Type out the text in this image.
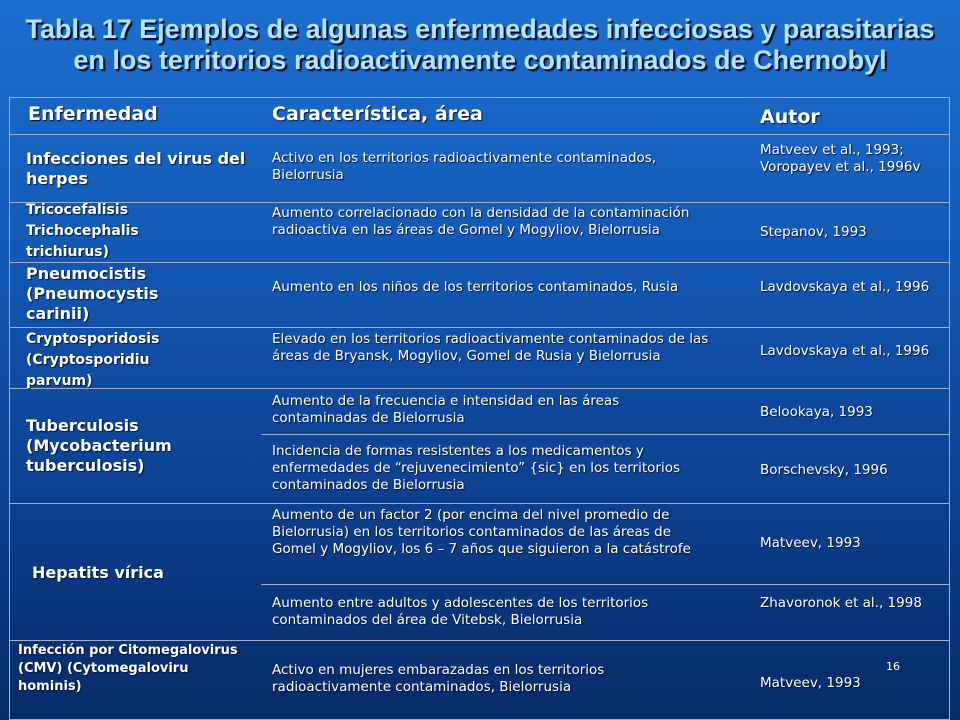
Tabla 17 Ejemplos de algunas enfermedades infecciosas y parasitarias
en los territorios radioactivamente contaminados de Chernobyl
Enfermedad	Característica, área	Autor
Infecciones del virus del herpes
Tricocefalisis Trichocephalis trichiurus)
Pneumocistis (Pneumocystis carinii)
Cryptosporidosis (Cryptosporidiu parvum)
Tuberculosis (Mycobacterium tuberculosis)
Hepatits vírica
Infección por Citomegalovirus (CMV) (Cytomegaloviru hominis)
Activo en los territorios radioactivamente contaminados, Bielorrusia
Aumento correlacionado con la densidad de la contaminación radioactiva en las áreas de Gomel y Mogyliov, Bielorrusia
Aumento en los niños de los territorios contaminados, Rusia
Elevado en los territorios radioactivamente contaminados de las áreas de Bryansk, Mogyliov, Gomel de Rusia y Bielorrusia
Aumento de la frecuencia e intensidad en las áreas contaminadas de Bielorrusia
Incidencia de formas resistentes a los medicamentos y enfermedades de “rejuvenecimiento” {sic} en los territorios contaminados de Bielorrusia
Aumento de un factor 2 (por encima del nivel promedio de Bielorrusia) en los territorios contaminados de las áreas de Gomel y Mogyliov, los 6 – 7 años que siguieron a la catástrofe
Aumento entre adultos y adolescentes de los territorios contaminados del área de Vitebsk, Bielorrusia
Activo en mujeres embarazadas en los territorios radioactivamente contaminados, Bielorrusia
Matveev et al., 1993; Voropayev et al., 1996v
Stepanov, 1993
Lavdovskaya et al., 1996
Lavdovskaya et al., 1996
Belookaya, 1993
Borschevsky, 1996
Matveev, 1993
Zhavoronok et al., 1998
Matveev, 1993
16
